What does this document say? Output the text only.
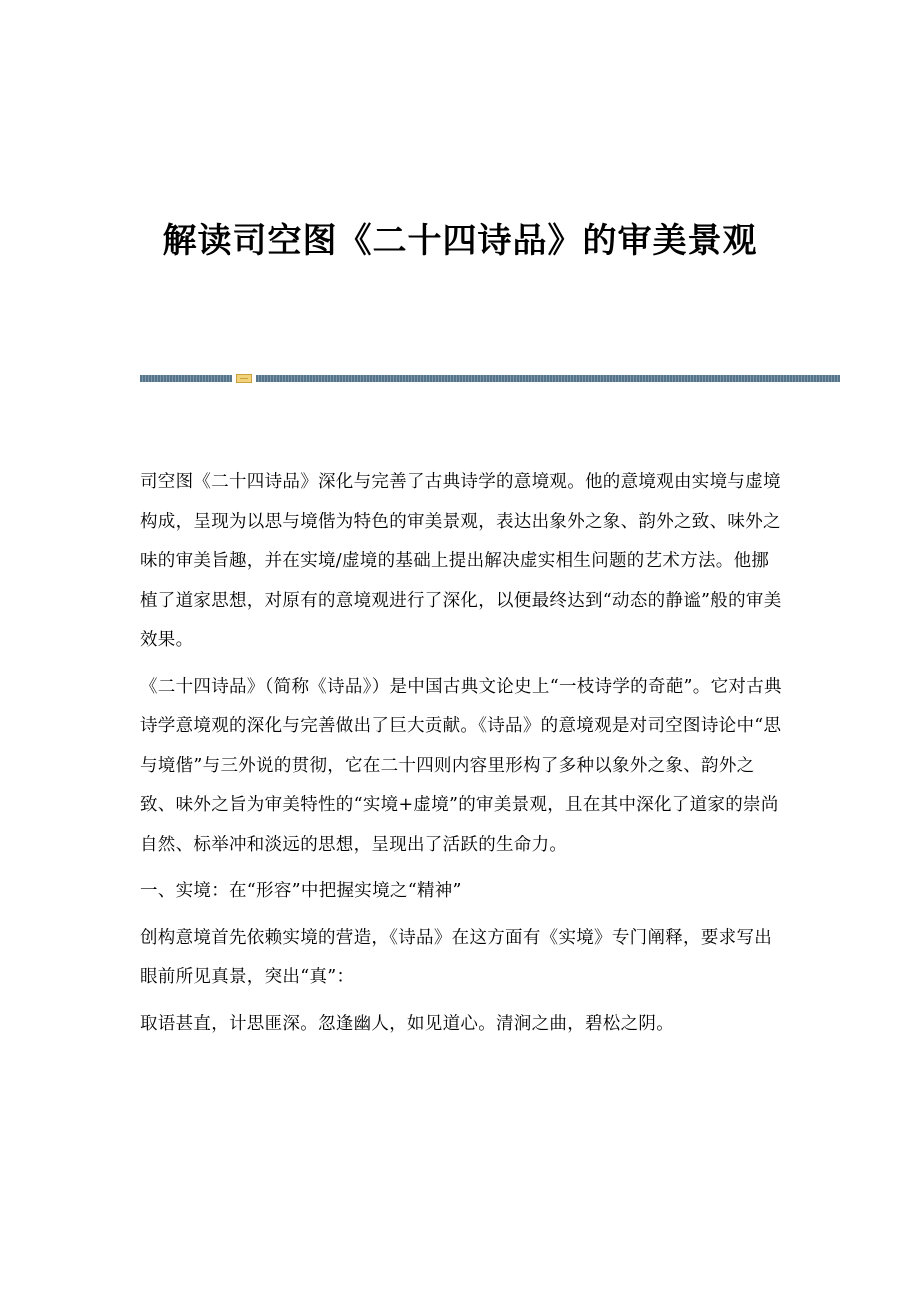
解读司空图《二十四诗品》的审美景观

司空图《二十四诗品》深化与完善了古典诗学的意境观。他的意境观由实境与虚境构成，呈现为以思与境偕为特色的审美景观，表达出象外之象、韵外之致、味外之味的审美旨趣，并在实境/虚境的基础上提出解决虚实相生问题的艺术方法。他挪植了道家思想，对原有的意境观进行了深化，以便最终达到“动态的静谧”般的审美效果。

《二十四诗品》（简称《诗品》）是中国古典文论史上“一枝诗学的奇葩”。它对古典诗学意境观的深化与完善做出了巨大贡献。《诗品》的意境观是对司空图诗论中“思与境偕”与三外说的贯彻，它在二十四则内容里形构了多种以象外之象、韵外之致、味外之旨为审美特性的“实境+虚境”的审美景观，且在其中深化了道家的崇尚自然、标举冲和淡远的思想，呈现出了活跃的生命力。

一、实境：在“形容”中把握实境之“精神”

创构意境首先依赖实境的营造，《诗品》在这方面有《实境》专门阐释，要求写出眼前所见真景，突出“真”：

取语甚直，计思匪深。忽逢幽人，如见道心。清涧之曲，碧松之阴。
